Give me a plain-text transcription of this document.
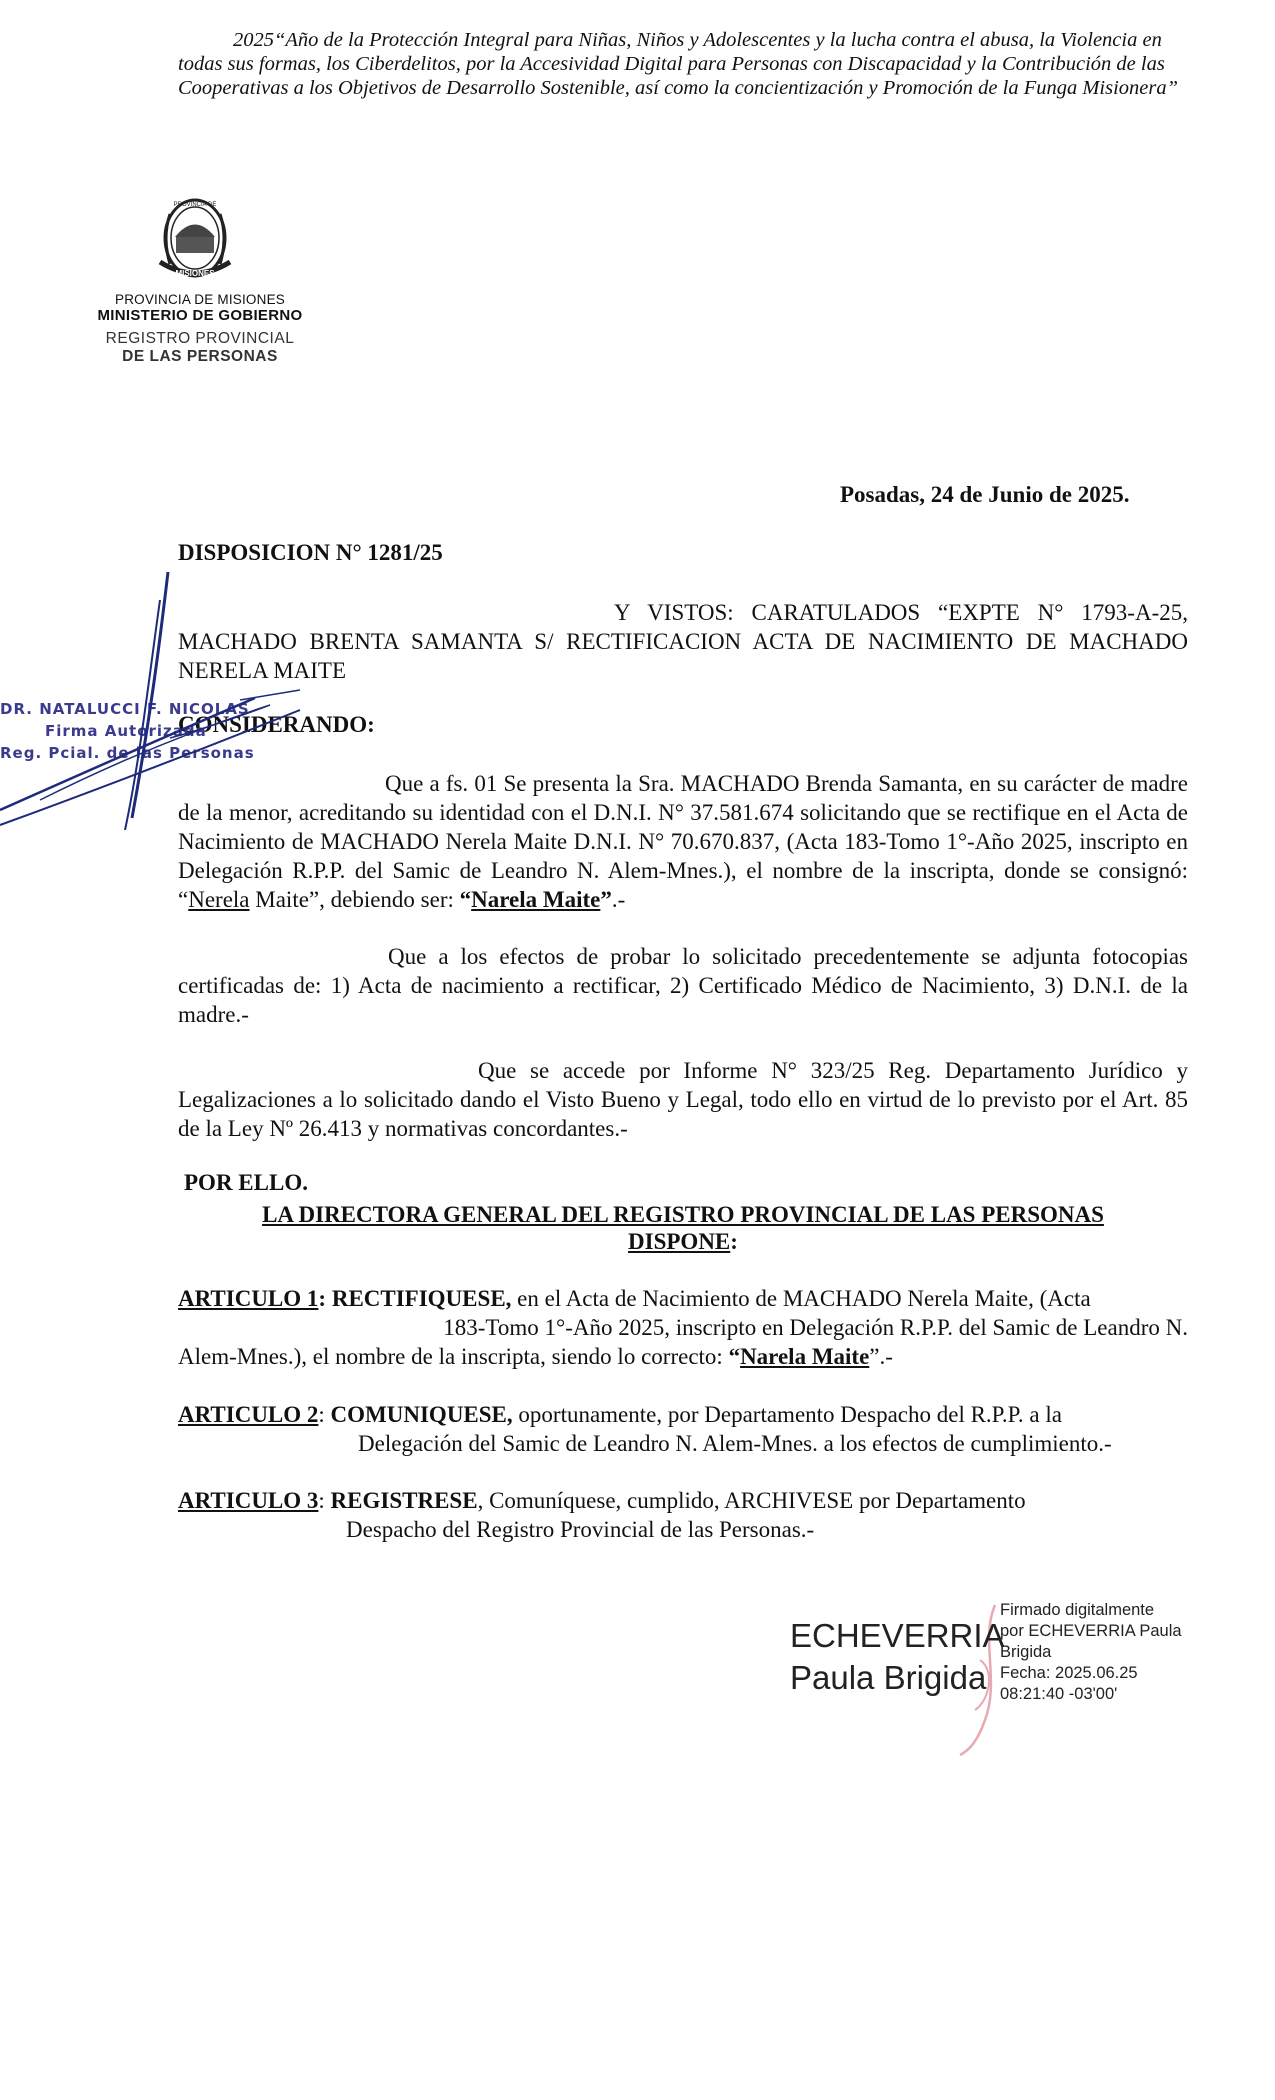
2025“Año de la Protección Integral para Niñas, Niños y Adolescentes y la lucha contra el abusa, la Violencia en todas sus formas, los Ciberdelitos, por la Accesividad Digital para Personas con Discapacidad y la Contribución de las Cooperativas a los Objetivos de Desarrollo Sostenible, así como la concientización y Promoción de la Funga Misionera”
MISIONES
PROVINCIA DE
PROVINCIA DE MISIONES
MINISTERIO DE GOBIERNO
REGISTRO PROVINCIAL
DE LAS PERSONAS
Posadas, 24 de Junio de 2025.
DISPOSICION N° 1281/25
Y VISTOS: CARATULADOS “EXPTE N° 1793-A-25, MACHADO BRENTA SAMANTA S/ RECTIFICACION ACTA DE NACIMIENTO DE MACHADO NERELA MAITE
CONSIDERANDO:
Que a fs. 01 Se presenta la Sra. MACHADO Brenda Samanta, en su carácter de madre de la menor, acreditando su identidad con el D.N.I. N° 37.581.674 solicitando que se rectifique en el Acta de Nacimiento de MACHADO Nerela Maite D.N.I. N° 70.670.837, (Acta 183-Tomo 1°-Año 2025, inscripto en Delegación R.P.P. del Samic de Leandro N. Alem-Mnes.), el nombre de la inscripta, donde se consignó: “Nerela Maite”, debiendo ser: “Narela Maite”.-
Que a los efectos de probar lo solicitado precedentemente se adjunta fotocopias certificadas de: 1) Acta de nacimiento a rectificar, 2) Certificado Médico de Nacimiento, 3) D.N.I. de la madre.-
Que se accede por Informe N° 323/25 Reg. Departamento Jurídico y Legalizaciones a lo solicitado dando el Visto Bueno y Legal, todo ello en virtud de lo previsto por el Art. 85 de la Ley Nº 26.413 y normativas concordantes.-
POR ELLO.
LA DIRECTORA GENERAL DEL REGISTRO PROVINCIAL DE LAS PERSONAS
DISPONE:
ARTICULO 1: RECTIFIQUESE, en el Acta de Nacimiento de MACHADO Nerela Maite, (Acta
183-Tomo 1°-Año 2025, inscripto en Delegación R.P.P. del Samic de Leandro N.
Alem-Mnes.), el nombre de la inscripta, siendo lo correcto: “Narela Maite”.-
ARTICULO 2: COMUNIQUESE, oportunamente, por Departamento Despacho del R.P.P. a la
Delegación del Samic de Leandro N. Alem-Mnes. a los efectos de cumplimiento.-
ARTICULO 3: REGISTRESE, Comuníquese, cumplido, ARCHIVESE por Departamento
Despacho del Registro Provincial de las Personas.-
DR. NATALUCCI F. NICOLAS
Firma Autorizada
Reg. Pcial. de las Personas
ECHEVERRIA
Paula Brigida
Firmado digitalmente
por ECHEVERRIA Paula
Brigida
Fecha: 2025.06.25
08:21:40 -03'00'
